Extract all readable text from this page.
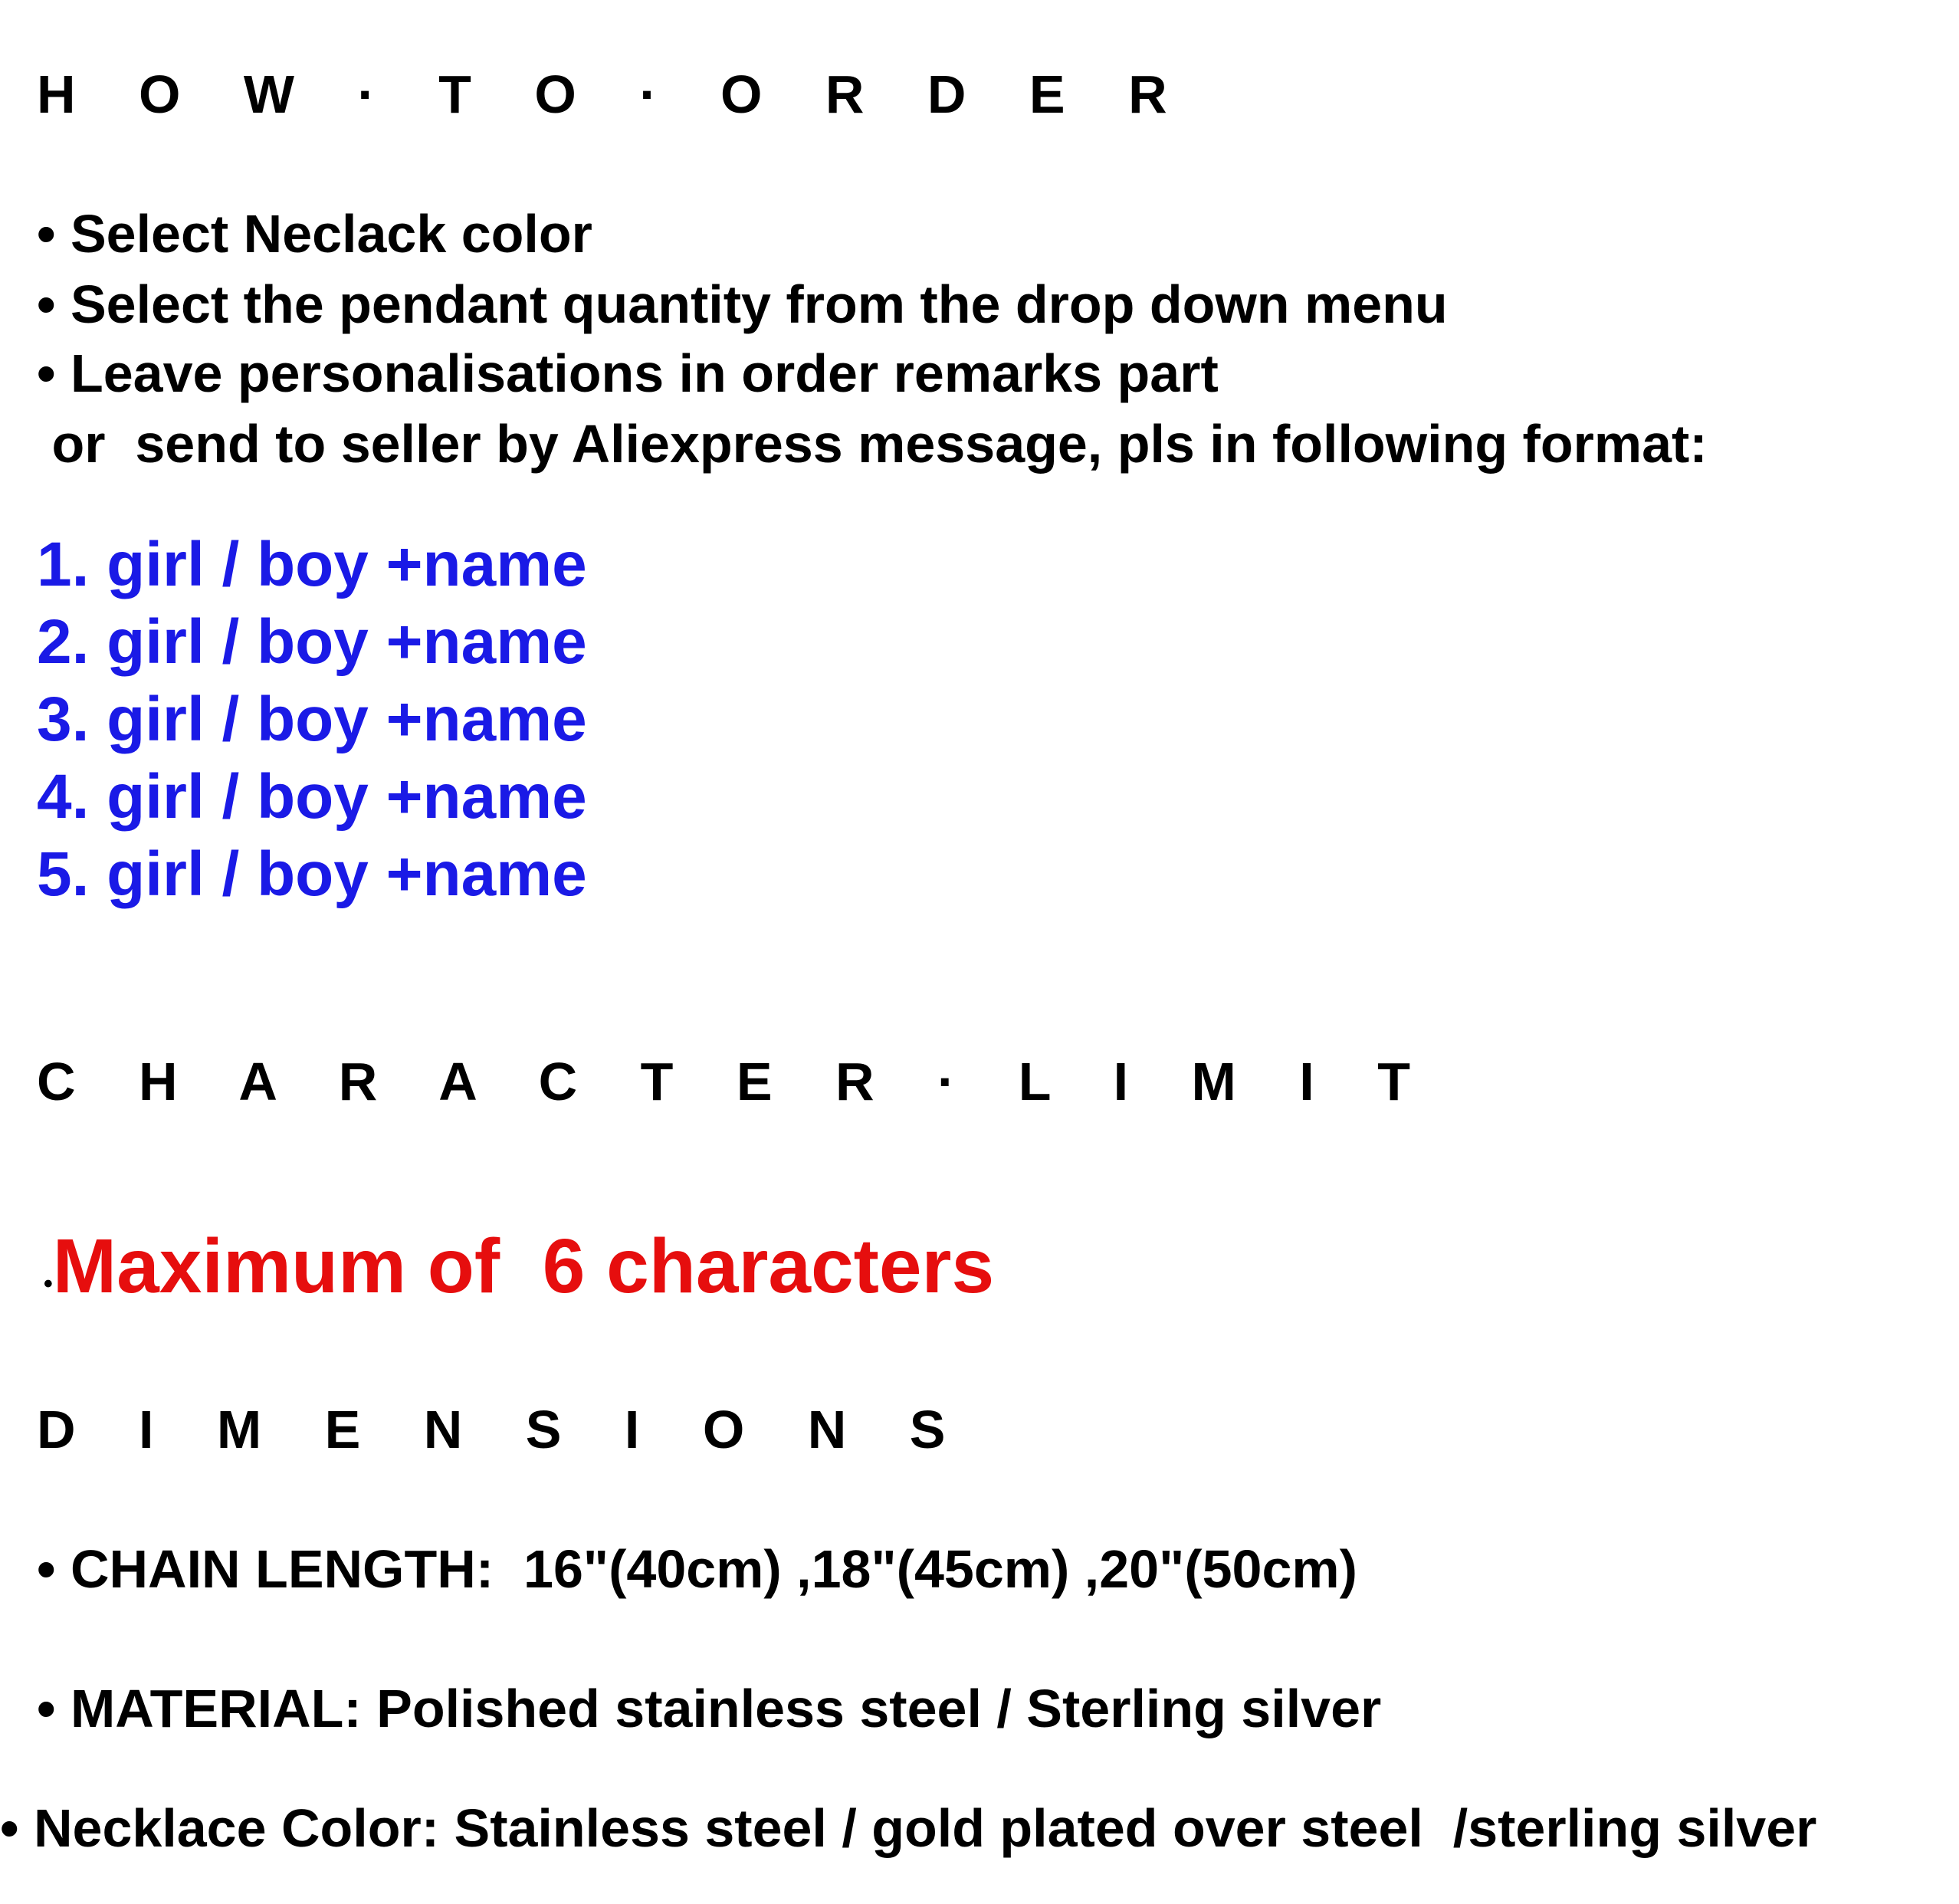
H O W · T O · O R D E R
• Select Neclack color
• Select the pendant quantity from the drop down menu
• Leave personalisations in order remarks part
or  send to seller by Aliexpress message, pls in following format:
1. girl / boy +name
2. girl / boy +name
3. girl / boy +name
4. girl / boy +name
5. girl / boy +name
C H A R A C T E R · L I M I T

•Maximum of  6 characters

D I M E N S I O N S
• CHAIN LENGTH:  16"(40cm) ,18"(45cm) ,20"(50cm)
• MATERIAL: Polished stainless steel / Sterling silver
• Necklace Color: Stainless steel / gold plated over steel  /sterling silver
